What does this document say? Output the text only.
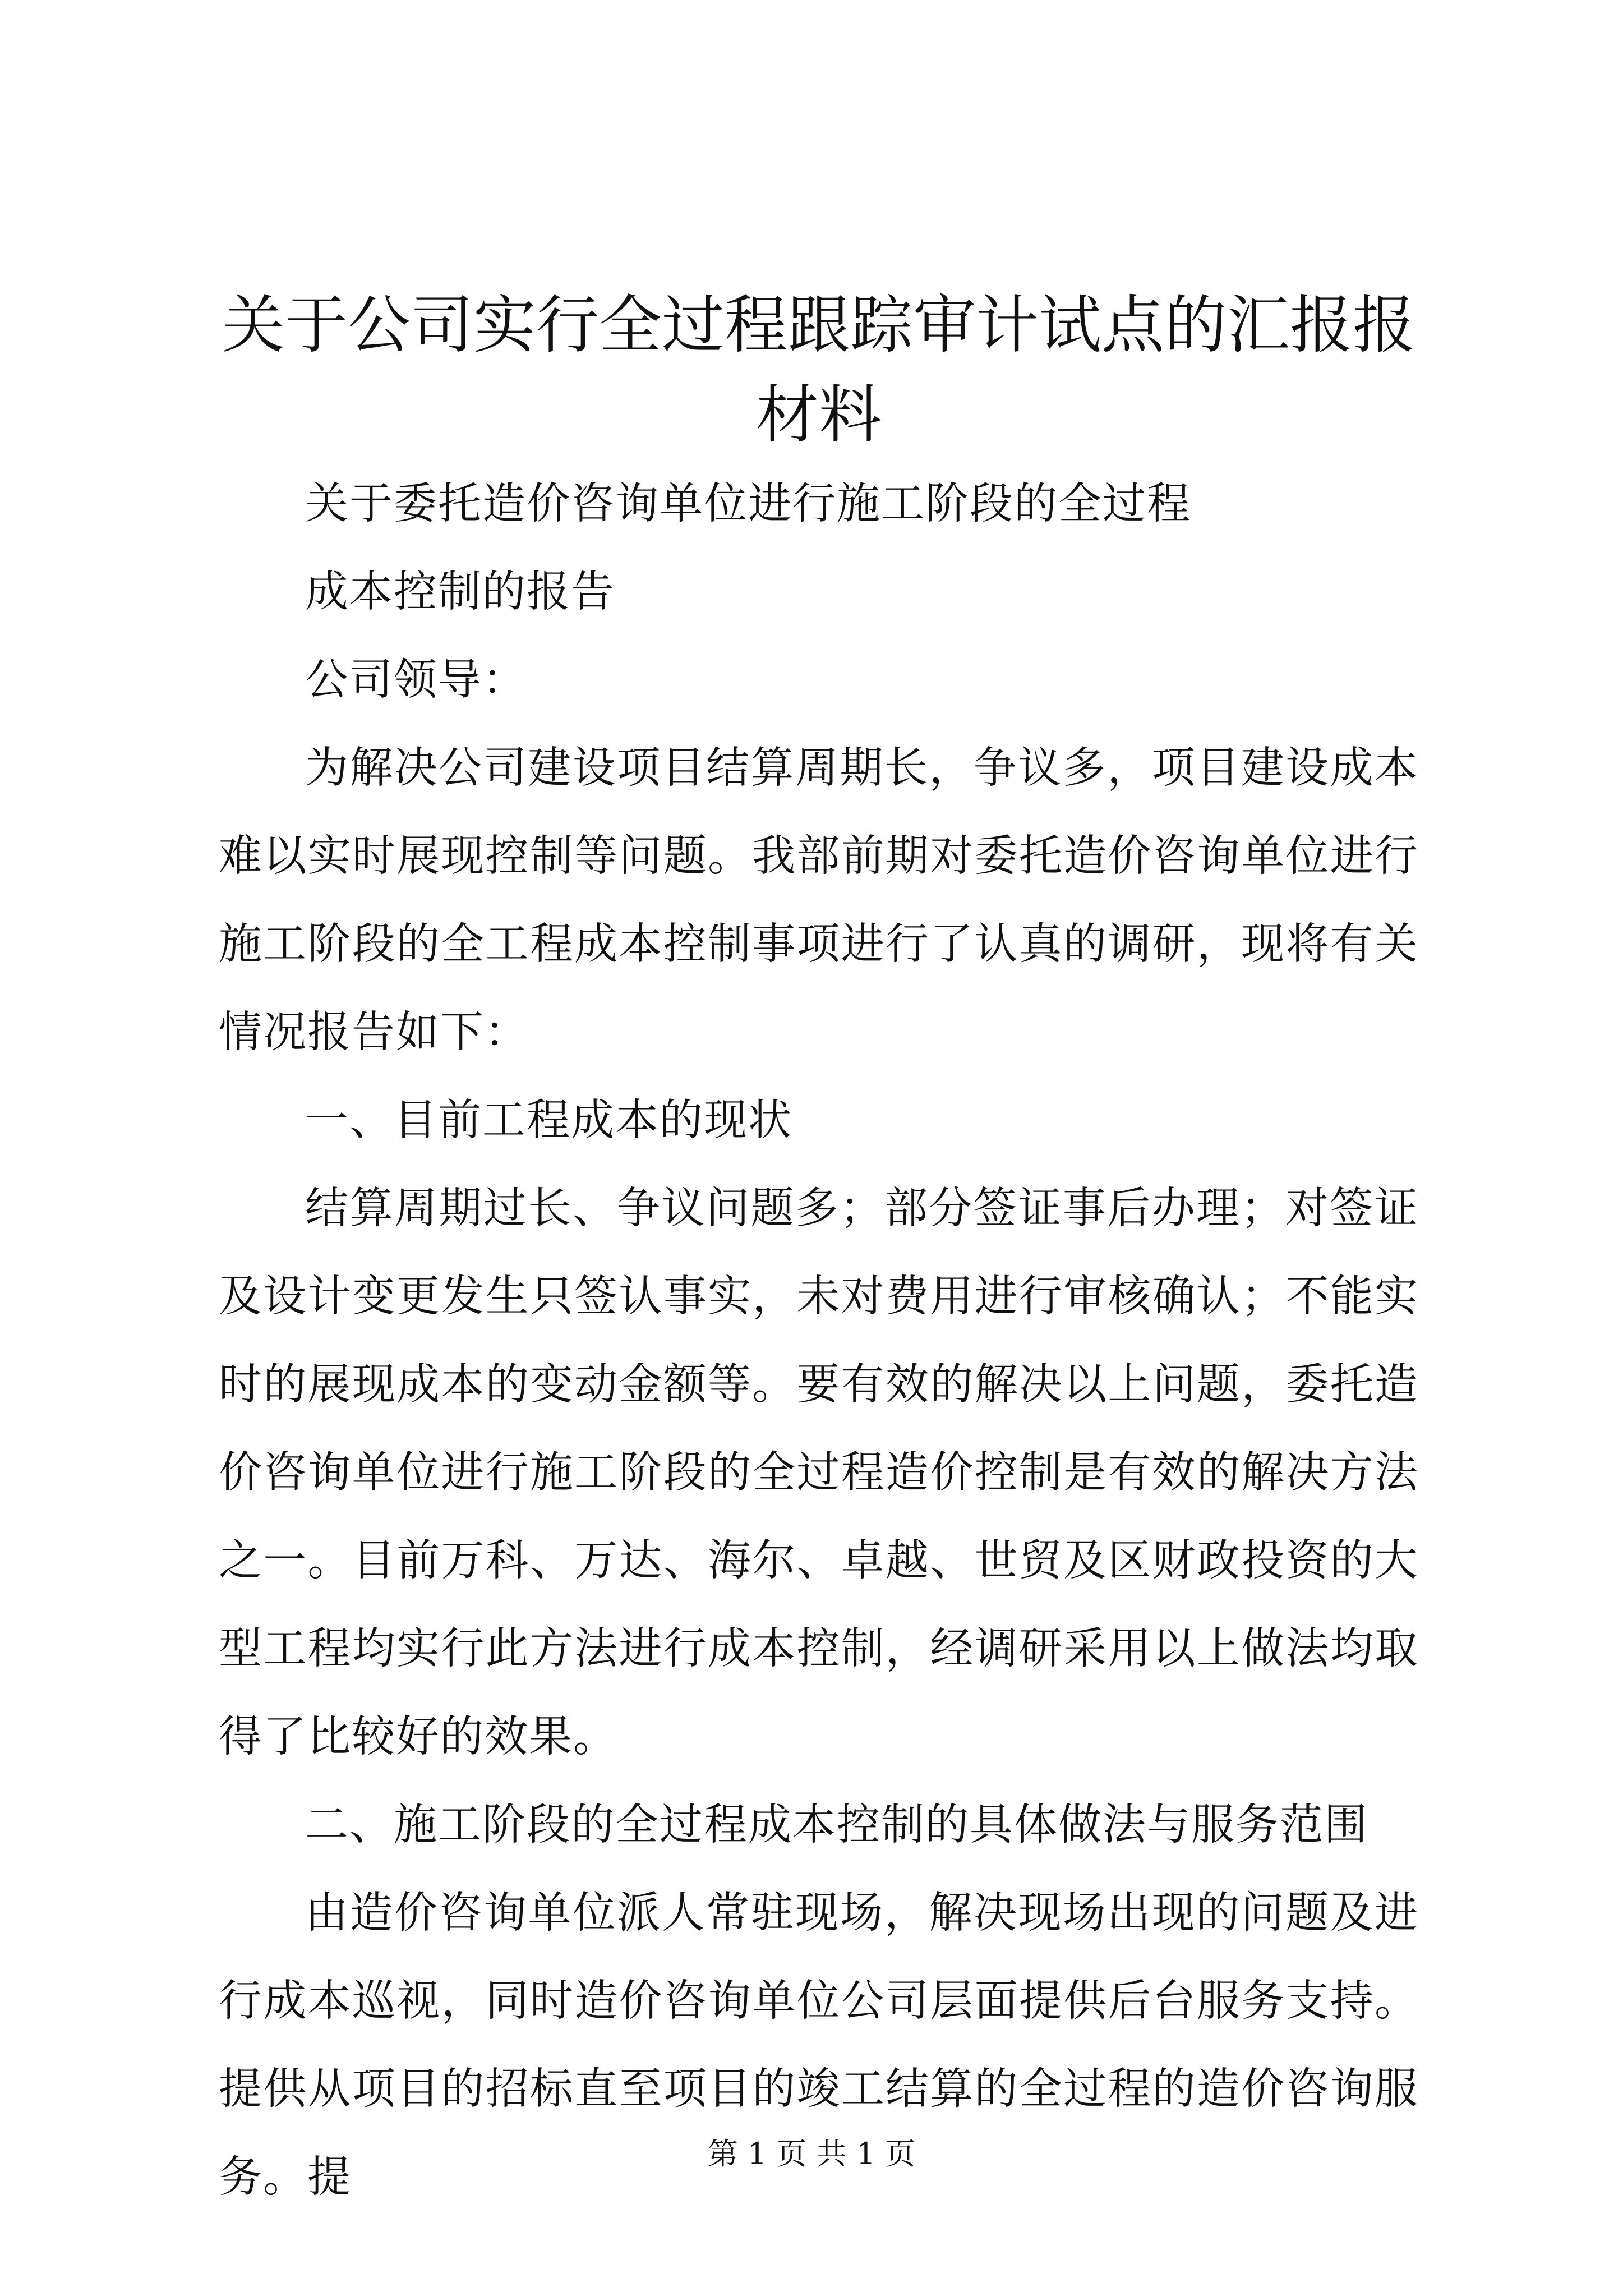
关于公司实行全过程跟踪审计试点的汇报报材料

关于委托造价咨询单位进行施工阶段的全过程

成本控制的报告

公司领导：

为解决公司建设项目结算周期长，争议多，项目建设成本难以实时展现控制等问题。我部前期对委托造价咨询单位进行施工阶段的全工程成本控制事项进行了认真的调研，现将有关情况报告如下：

一、目前工程成本的现状

结算周期过长、争议问题多；部分签证事后办理；对签证及设计变更发生只签认事实，未对费用进行审核确认；不能实时的展现成本的变动金额等。要有效的解决以上问题，委托造价咨询单位进行施工阶段的全过程造价控制是有效的解决方法之一。目前万科、万达、海尔、卓越、世贸及区财政投资的大型工程均实行此方法进行成本控制，经调研采用以上做法均取得了比较好的效果。

二、施工阶段的全过程成本控制的具体做法与服务范围

由造价咨询单位派人常驻现场，解决现场出现的问题及进行成本巡视，同时造价咨询单位公司层面提供后台服务支持。提供从项目的招标直至项目的竣工结算的全过程的造价咨询服务。提	第 1 页 共 1 页
